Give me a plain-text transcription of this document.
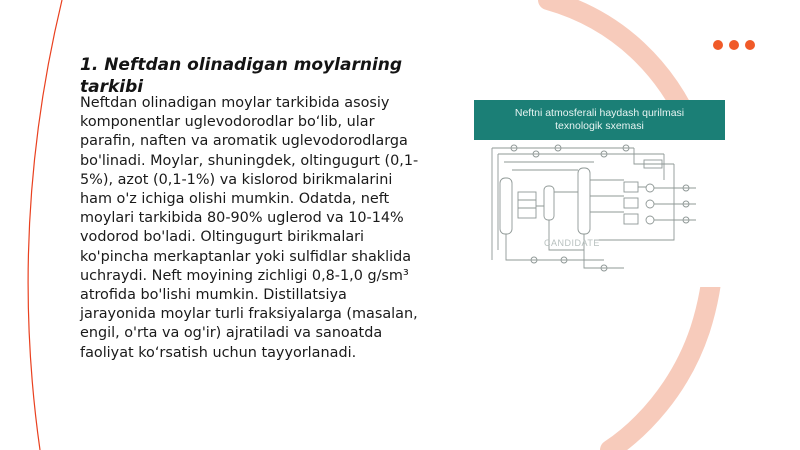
1. Neftdan olinadigan moylarning tarkibi

Neftdan olinadigan moylar tarkibida asosiy komponentlar uglevodorodlar bo‘lib, ular parafin, naften va aromatik uglevodorodlarga bo'linadi. Moylar, shuningdek, oltingugurt (0,1-5%), azot (0,1-1%) va kislorod birikmalarini ham o'z ichiga olishi mumkin. Odatda, neft moylari tarkibida 80-90% uglerod va 10-14% vodorod bo'ladi. Oltingugurt birikmalari ko'pincha merkaptanlar yoki sulfidlar shaklida uchraydi. Neft moyining zichligi 0,8-1,0 g/sm³ atrofida bo'lishi mumkin. Distillatsiya jarayonida moylar turli fraksiyalarga (masalan, engil, o'rta va og'ir) ajratiladi va sanoatda faoliyat ko‘rsatish uchun tayyorlanadi.

Neftni atmosferali haydash qurilmasi
texnologik sxemasi
CANDIDATE
